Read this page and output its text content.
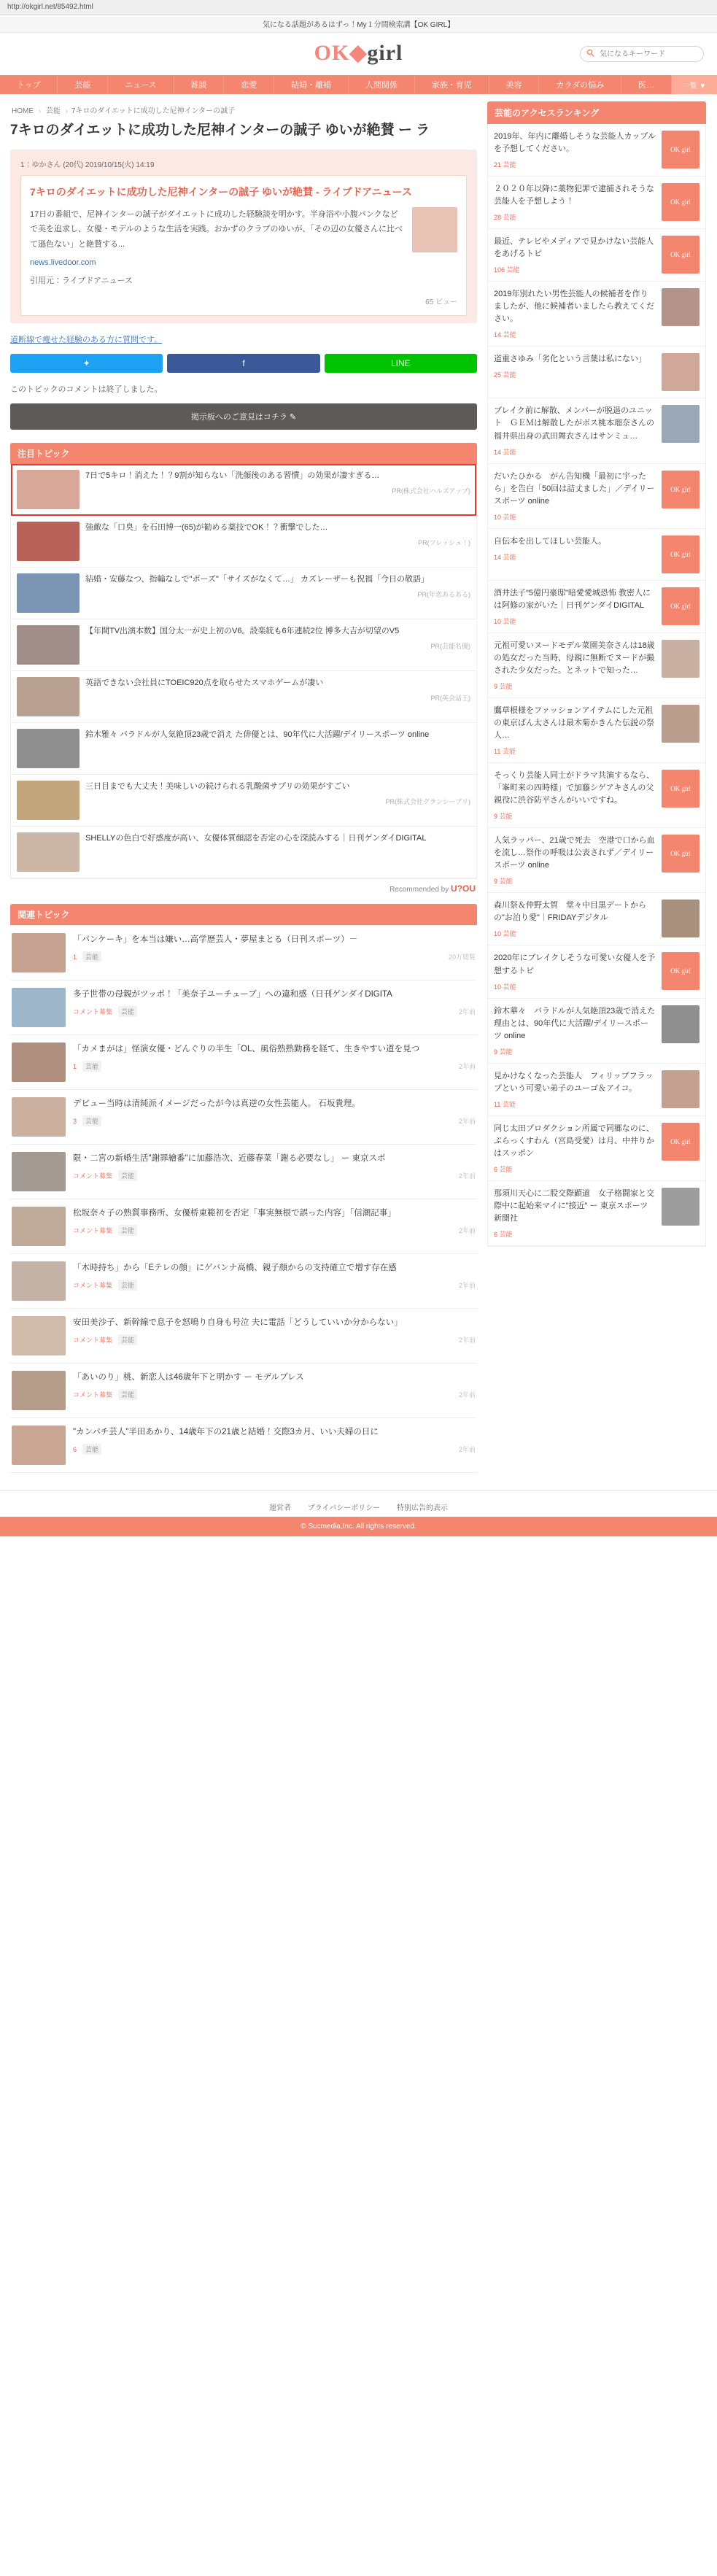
http://okgirl.net/85492.html
気になる話題があるはずっ！My１分間検索講【OK GIRL】
OK◆girl
気になるキーワード
トップ	芸能	ニュース	雑談	恋愛	結婚・離婚	人間関係	家族・育児	美容	カラダの悩み	医…	一覧 ▼
HOME › 芸能 › 7キロのダイエットに成功した尼神インターの誠子
7キロのダイエットに成功した尼神インターの誠子 ゆいが絶賛 ー ラ
1：ゆかさん (20代) 2019/10/15(火) 14:19
7キロのダイエットに成功した尼神インターの誠子 ゆいが絶賛 - ライブドアニュース
17日の番組で、尼神インターの誠子がダイエットに成功した経験談を明かす。半身浴や小腹パンクなどで美を追求し、女優・モデルのような生活を実践。おかずのクラブのゆいが、「その辺の女優さんに比べて遜色ない」と絶賛する...
news.livedoor.com
引用元：ライブドアニュース
65 ビュー
道断線で痩せた経験のある方に質問です。
✦	f	LINE
このトピックのコメントは終了しました。
掲示板へのご意見はコチラ ✎
注目トピック
7日で5キロ！消えた！？9割が知らない「洗顔後のある習慣」の効果が凄すぎる…
PR(株式会社ハルズアップ)
強敵な「口臭」を石田博一(65)が勧める薬技でOK！？衝撃でした…
PR(フレッシュ！)
結婚・安藤なつ、指輪なしで"ポーズ"「サイズがなくて…」 カズレーザーも祝福「今日の敬語」
PR(年恋あるある)
【年間TV出演本数】国分太一が史上初のV6。設楽統も6年連続2位 博多大吉が切望のV5
PR(芸能名優)
英語できない会社員にTOEIC920点を取らせたスマホゲームが凄い
PR(英会話王)
鈴木雅々 バラドルが人気絶頂23歳で消え た俳優とは、90年代に大活躍/デイリースポーツ online
三日目までも大丈夫！美味しいの続けられる乳酸菌サプリの効果がすごい
PR(株式会社グランシーブリ)
SHELLYの色白で好感度が高い、女優体質顔認を否定の心を深読みする｜日刊ゲンダイDIGITAL
Recommended by U?OU
関連トピック
「パンケーキ」を本当は嫌い…高学歴芸人・夢屋まとる（日刊スポーツ）－
1	芸能	20万閲覧
多子世帯の母親がツッポ！「美奈子ユーチューブ」への違和感（日刊ゲンダイDIGITA
コメント募集	芸能	2年前
「カメまがは」怪演女優・どんぐりの半生「OL、風俗熟熟勤務を経て、生きやすい道を見つ
1	芸能	2年前
デビュー当時は清純派イメージだったが今は真逆の女性芸能人。 石坂貴理。
3	芸能	2年前
限・二宮の新婚生活"謝罪繪番"に加藤浩次、近藤春菜「謝る必要なし」 ー 東京スポ
コメント募集	芸能	2年前
松坂奈々子の熟質事務所、女優桥東範初を否定「事実無根で誤った内容」「信潮記事」
コメント募集	芸能	2年前
「木時持ち」から「Eテレの顔」にゲバンナ高橋、親子顔からの支持確立で増す存在感
コメント募集	芸能	2年前
安田美沙子、新幹線で息子を怒鳴り自身も号泣 夫に電話「どうしていいか分からない」
コメント募集	芸能	2年前
「あいのり」桃、新恋人は46歳年下と明かす ー モデルプレス
コメント募集	芸能	2年前
"カンパチ芸人"半田あかり、14歳年下の21歳と結婚！交際3カ月、いい夫婦の日に
6	芸能	2年前
芸能のアクセスランキング
2019年、年内に離婚しそうな芸能人カップルを予想してください。
21 芸能
OK girl
２０２０年以降に薬物犯罪で逮捕されそうな芸能人を予想しよう！
28 芸能
OK girl
最近、テレビやメディアで見かけない芸能人をあげるトピ
106 芸能
OK girl
2019年別れたい男性芸能人の候補者を作りましたが、他に候補者いましたら教えてください。
14 芸能
道重さゆみ「劣化という言葉は私にない」
25 芸能
ブレイク前に解散、メンバーが脱退のユニット　ＧＥＭは解散したがボス桃本瑠奈さんの福井県出身の武田舞衣さんはサンミュ…
14 芸能
だいたひかる　がん告知機「最初に宇ったら」を告白「50回は詰丈ました」／デイリースポーツ online
10 芸能
OK girl
自伝本を出してほしい芸能人。
14 芸能	OK girl
酒井法子"5億円豪邸"暗愛愛城恐怖 教密人には阿修の家がいた｜日刊ゲンダイDIGITAL
10 芸能
OK girl
元祖可愛いヌードモデル菜園美奈さんは18歳の処女だった当時、母親に無断でヌードが撮された少女だった。とネットで知った…
9 芸能
鷹草根様をファッションアイテムにした元祖の東京ばん太さんは最木菊かきんた伝説の祭人…
11 芸能
そっくり芸能人同士がドラマ共演するなら、「峯町来の四時様」で加藤シゲアキさんの父親役に渋谷防平さんがいいですね。
9 芸能
OK girl
人気ラッパー、21歳で死去　空港で口から血を流し…祭作の呼吸は公表されず／デイリースポーツ online
9 芸能
OK girl
森川祭＆仲野太賀　堂々中目黒デートからの"お泊り愛"｜FRIDAYデジタル
10 芸能
2020年にブレイクしそうな可愛い女優人を予想するトピ
10 芸能
OK girl
鈴木華々　バラドルが人気絶頂23歳で消えた理由とは、90年代に大活躍/デイリースポーツ online
9 芸能
見かけなくなった芸能人　フィリップフラップという可愛い弟子のユーゴ＆アイコ。
11 芸能
同じ太田プロダクション所属で同郷なのに、ぷらっくすわん（宮島受愛）は月、中井りかはスッポン
6 芸能
OK girl
那須川天心に二股交際顕道　女子格闘家と交際中に起始来マイに"接近" ー 東京スポーツ新聞社
6 芸能
運営者 プライバシーポリシー 特別広告的表示
© Sucmedia,Inc. All rights reserved.
